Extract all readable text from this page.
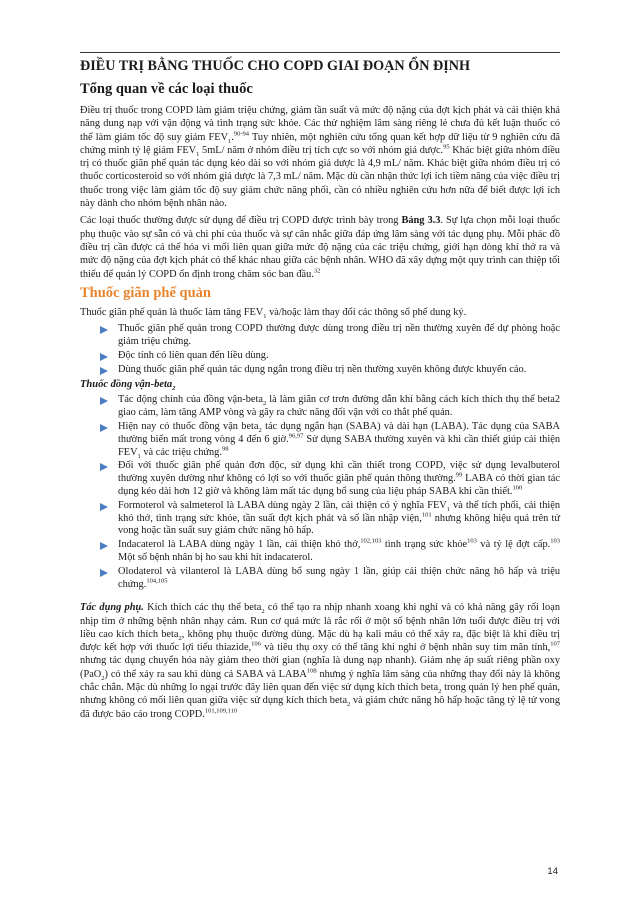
ĐIỀU TRỊ BẰNG THUỐC CHO COPD GIAI ĐOẠN ỔN ĐỊNH
Tổng quan về các loại thuốc

Điều trị thuốc trong COPD làm giảm triệu chứng, giảm tần suất và mức độ nặng của đợt kịch phát và cải thiện khả năng dung nạp với vận động và tình trạng sức khỏe. Các thử nghiệm lâm sàng riêng lẻ chưa đủ kết luận thuốc có thể làm giảm tốc độ suy giảm $FEV_1.^{90-94}$ Tuy nhiên, một nghiên cứu tổng quan kết hợp dữ liệu từ 9 nghiên cứu đã chứng minh tỷ lệ giảm $FEV_1$ 5mL/ năm ở nhóm điều trị tích cực so với nhóm giả dược.$^{95}$ Khác biệt giữa nhóm điều trị có thuốc giãn phế quản tác dụng kéo dài so với nhóm giả dược là 4,9 mL/ năm. Khác biệt giữa nhóm điều trị có thuốc corticosteroid so với nhóm giả dược là 7,3 mL/ năm. Mặc dù cần nhận thức lợi ích tiềm năng của việc điều trị thuốc trong việc làm giảm tốc độ suy giảm chức năng phổi, cần có nhiều nghiên cứu hơn nữa để biết được lợi ích này dành cho nhóm bệnh nhân nào.

Các loại thuốc thường được sử dụng để điều trị COPD được trình bày trong Bảng 3.3. Sự lựa chọn mỗi loại thuốc phụ thuộc vào sự sẵn có và chi phí của thuốc và sự cân nhắc giữa đáp ứng lâm sàng với tác dụng phụ. Mỗi phác đồ điều trị cần được cá thể hóa vì mối liên quan giữa mức độ nặng của các triệu chứng, giới hạn dòng khí thở ra và mức độ nặng của đợt kịch phát có thể khác nhau giữa các bệnh nhân. WHO đã xây dựng một quy trình can thiệp tối thiểu để quản lý COPD ổn định trong chăm sóc ban đầu.$^{32}$

Thuốc giãn phế quản

Thuốc giãn phế quản là thuốc làm tăng $FEV_1$ và/hoặc làm thay đổi các thông số phế dung ký.

Thuốc giãn phế quản trong COPD thường được dùng trong điều trị nền thường xuyên để dự phòng hoặc giảm triệu chứng.
Độc tính có liên quan đến liều dùng.
Dùng thuốc giãn phế quản tác dụng ngắn trong điều trị nền thường xuyên không được khuyến cáo.
Thuốc đồng vận-beta$_2$
Tác động chính của đồng vận-beta$_2$ là làm giãn cơ trơn đường dẫn khí bằng cách kích thích thụ thể beta2 giao cảm, làm tăng AMP vòng và gây ra chức năng đối vận với co thắt phế quản.
Hiện nay có thuốc đồng vận beta$_2$ tác dụng ngắn hạn (SABA) và dài hạn (LABA). Tác dụng của SABA thường biến mất trong vòng 4 đến 6 giờ.$^{96,97}$ Sử dụng SABA thường xuyên và khi cần thiết giúp cải thiện $FEV_1$ và các triệu chứng.$^{98}$
Đối với thuốc giãn phế quản đơn độc, sử dụng khi cần thiết trong COPD, việc sử dụng levalbuterol thường xuyên dường như không có lợi so với thuốc giãn phế quản thông thường.$^{99}$ LABA có thời gian tác dụng kéo dài hơn 12 giờ và không làm mất tác dụng bổ sung của liệu pháp SABA khi cần thiết.$^{100}$
Formoterol và salmeterol là LABA dùng ngày 2 lần, cải thiện có ý nghĩa $FEV_1$ và thể tích phổi, cải thiện khó thở, tình trạng sức khỏe, tần suất đợt kịch phát và số lần nhập viện,$^{101}$ nhưng không hiệu quả trên tử vong hoặc tần suất suy giảm chức năng hô hấp.
Indacaterol là LABA dùng ngày 1 lần, cải thiện khó thở,$^{102,103}$ tình trạng sức khỏe$^{103}$ và tỷ lệ đợt cấp.$^{103}$ Một số bệnh nhân bị ho sau khi hít indacaterol.
Olodaterol và vilanterol là LABA dùng bổ sung ngày 1 lần, giúp cải thiện chức năng hô hấp và triệu chứng.$^{104,105}$

Tác dụng phụ. Kích thích các thụ thể beta$_2$ có thể tạo ra nhịp nhanh xoang khi nghỉ và có khả năng gây rối loạn nhịp tim ở những bệnh nhân nhạy cảm. Run cơ quá mức là rắc rối ở một số bệnh nhân lớn tuổi được điều trị với liều cao kích thích beta$_2$, không phụ thuộc đường dùng. Mặc dù hạ kali máu có thể xảy ra, đặc biệt là khi điều trị được kết hợp với thuốc lợi tiểu thiazide,$^{106}$ và tiêu thụ oxy có thể tăng khi nghỉ ở bệnh nhân suy tim mãn tính,$^{107}$ nhưng tác dụng chuyển hóa này giảm theo thời gian (nghĩa là dung nạp nhanh). Giảm nhẹ áp suất riêng phần oxy (PaO$_2$) có thể xảy ra sau khi dùng cả SABA và LABA$^{108}$ nhưng ý nghĩa lâm sàng của những thay đổi này là không chắc chắn. Mặc dù những lo ngại trước đây liên quan đến việc sử dụng kích thích beta$_2$ trong quản lý hen phế quản, nhưng không có mối liên quan giữa việc sử dụng kích thích beta$_2$ và giảm chức năng hô hấp hoặc tăng tỷ lệ tử vong đã được báo cáo trong COPD.$^{101,109,110}$

14
